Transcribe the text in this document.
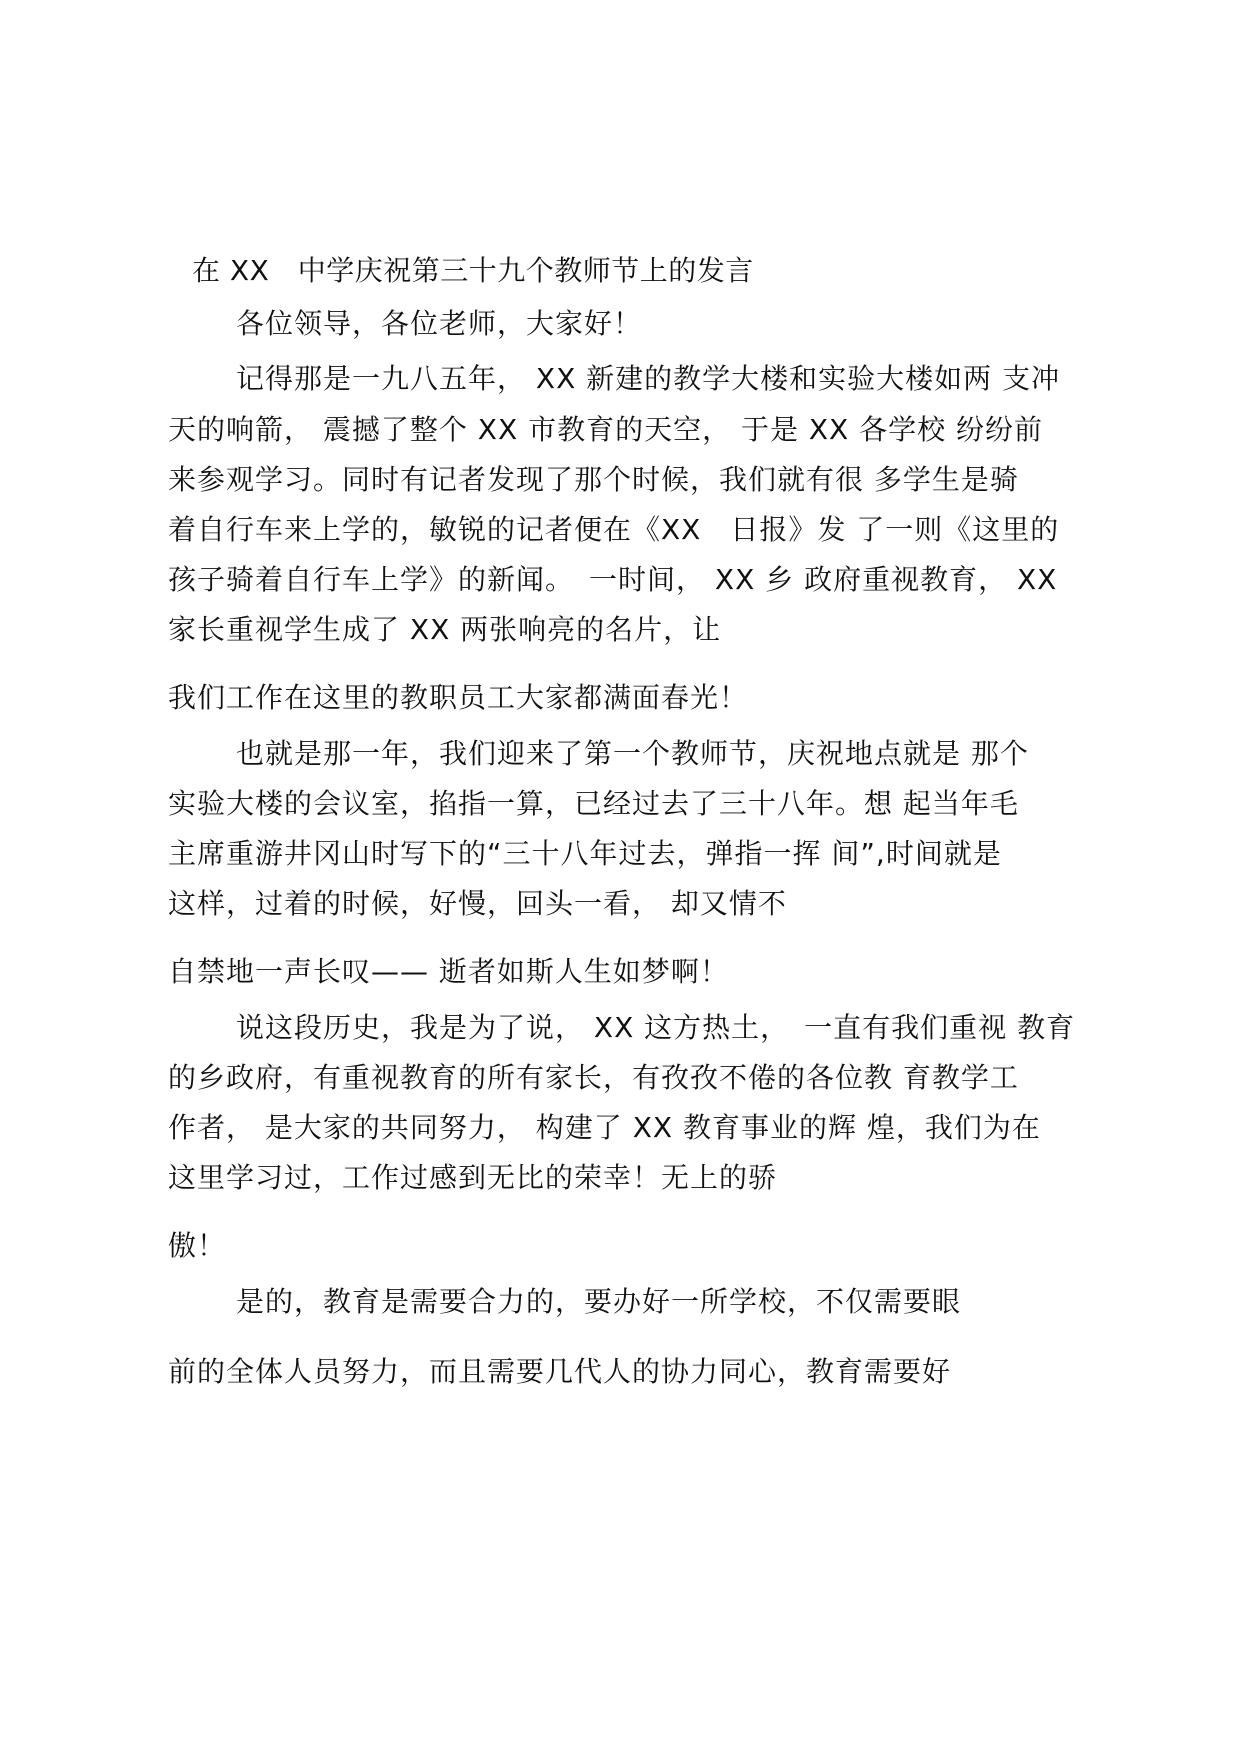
在 XX　中学庆祝第三十九个教师节上的发言
各位领导，各位老师，大家好！
记得那是一九八五年， XX 新建的教学大楼和实验大楼如两 支冲
天的响箭， 震撼了整个 XX 市教育的天空， 于是 XX 各学校 纷纷前
来参观学习。同时有记者发现了那个时候，我们就有很 多学生是骑
着自行车来上学的，敏锐的记者便在《XX　日报》发 了一则《这里的
孩子骑着自行车上学》的新闻。　一时间， XX 乡 政府重视教育， XX
家长重视学生成了 XX 两张响亮的名片，让
我们工作在这里的教职员工大家都满面春光！
也就是那一年，我们迎来了第一个教师节，庆祝地点就是 那个
实验大楼的会议室，掐指一算，已经过去了三十八年。想 起当年毛
主席重游井冈山时写下的“三十八年过去，弹指一挥 间”,时间就是
这样，过着的时候，好慢，回头一看， 却又情不
自禁地一声长叹—— 逝者如斯人生如梦啊！
说这段历史，我是为了说， XX 这方热土，　一直有我们重视 教育
的乡政府，有重视教育的所有家长，有孜孜不倦的各位教 育教学工
作者， 是大家的共同努力， 构建了 XX 教育事业的辉 煌，我们为在
这里学习过，工作过感到无比的荣幸！无上的骄
傲！
是的，教育是需要合力的，要办好一所学校，不仅需要眼
前的全体人员努力，而且需要几代人的协力同心，教育需要好
